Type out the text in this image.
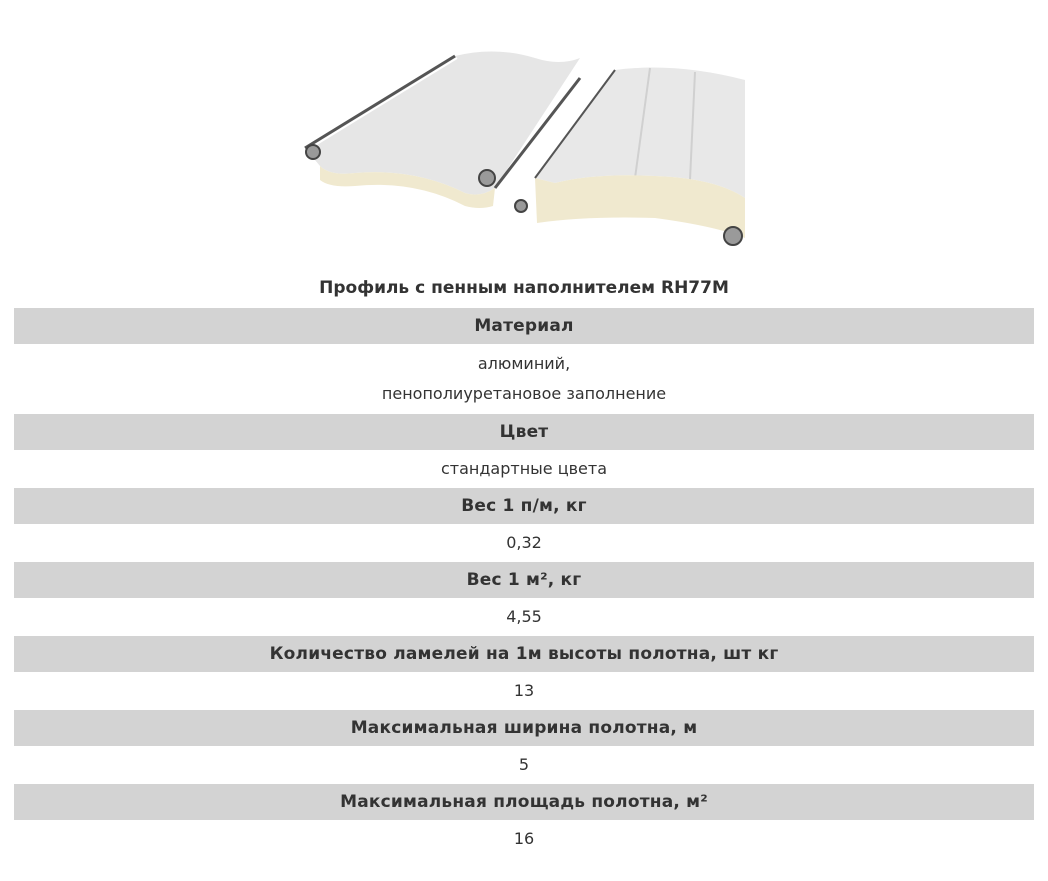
Профиль с пенным наполнителем RH77M
Материал
алюминий,
пенополиуретановое заполнение
Цвет
стандартные цвета
Вес 1 п/м, кг
0,32
Вес 1 м², кг
4,55
Количество ламелей на 1м высоты полотна, шт кг
13
Максимальная ширина полотна, м
5
Максимальная площадь полотна, м²
16
